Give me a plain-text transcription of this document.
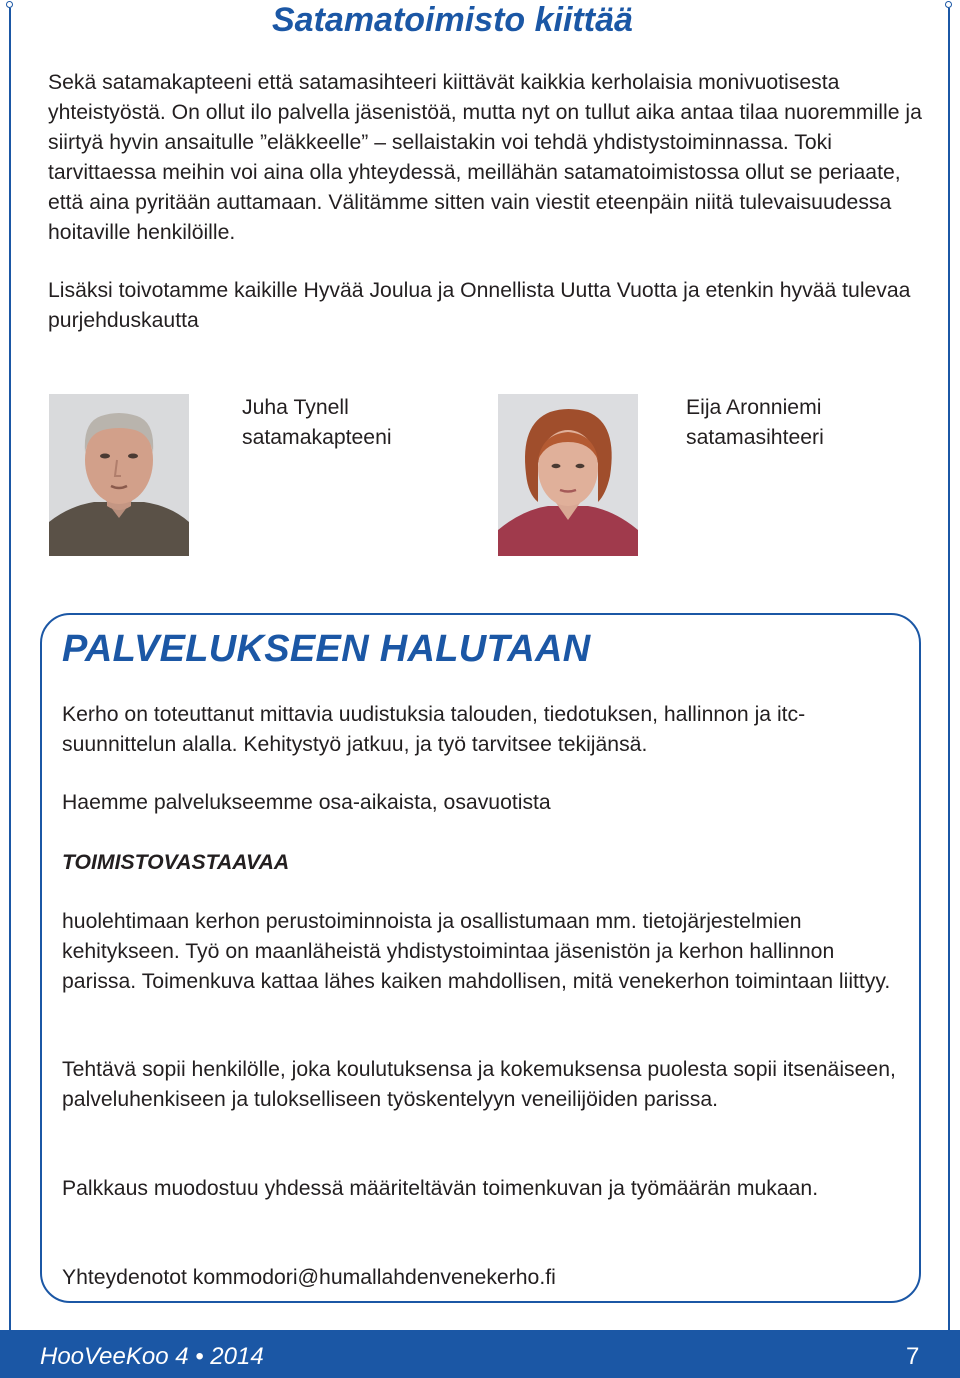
Satamatoimisto kiittää

Sekä satamakapteeni että satamasihteeri kiittävät kaikkia kerholaisia monivuotisesta yhteistyöstä. On ollut ilo palvella jäsenistöä, mutta nyt on tullut aika antaa tilaa nuoremmille ja siirtyä hyvin ansaitulle ”eläkkeelle” – sellaistakin voi tehdä yhdistystoiminnassa. Toki tarvittaessa meihin voi aina olla yhteydessä, meillähän satamatoimistossa ollut se periaate, että aina pyritään auttamaan. Välitämme sitten vain viestit eteenpäin niitä tulevaisuudessa hoitaville henkilöille.

Lisäksi toivotamme kaikille Hyvää Joulua ja Onnellista Uutta Vuotta ja etenkin hyvää tulevaa purjehduskautta

Juha Tynell
satamakapteeni
Eija Aronniemi
satamasihteeri
PALVELUKSEEN HALUTAAN

Kerho on toteuttanut mittavia uudistuksia talouden, tiedotuksen, hallinnon ja itc-suunnittelun alalla. Kehitystyö jatkuu, ja työ tarvitsee tekijänsä.

Haemme palvelukseemme osa-aikaista, osavuotista

TOIMISTOVASTAAVAA

huolehtimaan kerhon perustoiminnoista ja osallistumaan mm. tietojärjestelmien kehitykseen. Työ on maanläheistä yhdistystoimintaa jäsenistön ja kerhon hallinnon parissa. Toimenkuva kattaa lähes kaiken mahdollisen, mitä venekerhon toimintaan liittyy.

Tehtävä sopii henkilölle, joka koulutuksensa ja kokemuksensa puolesta sopii itsenäiseen, palveluhenkiseen ja tulokselliseen työskentelyyn veneilijöiden parissa.

Palkkaus muodostuu yhdessä määriteltävän toimenkuvan ja työmäärän mukaan.

Yhteydenotot kommodori@humallahdenvenekerho.fi

HooVeeKoo 4 • 2014	7
